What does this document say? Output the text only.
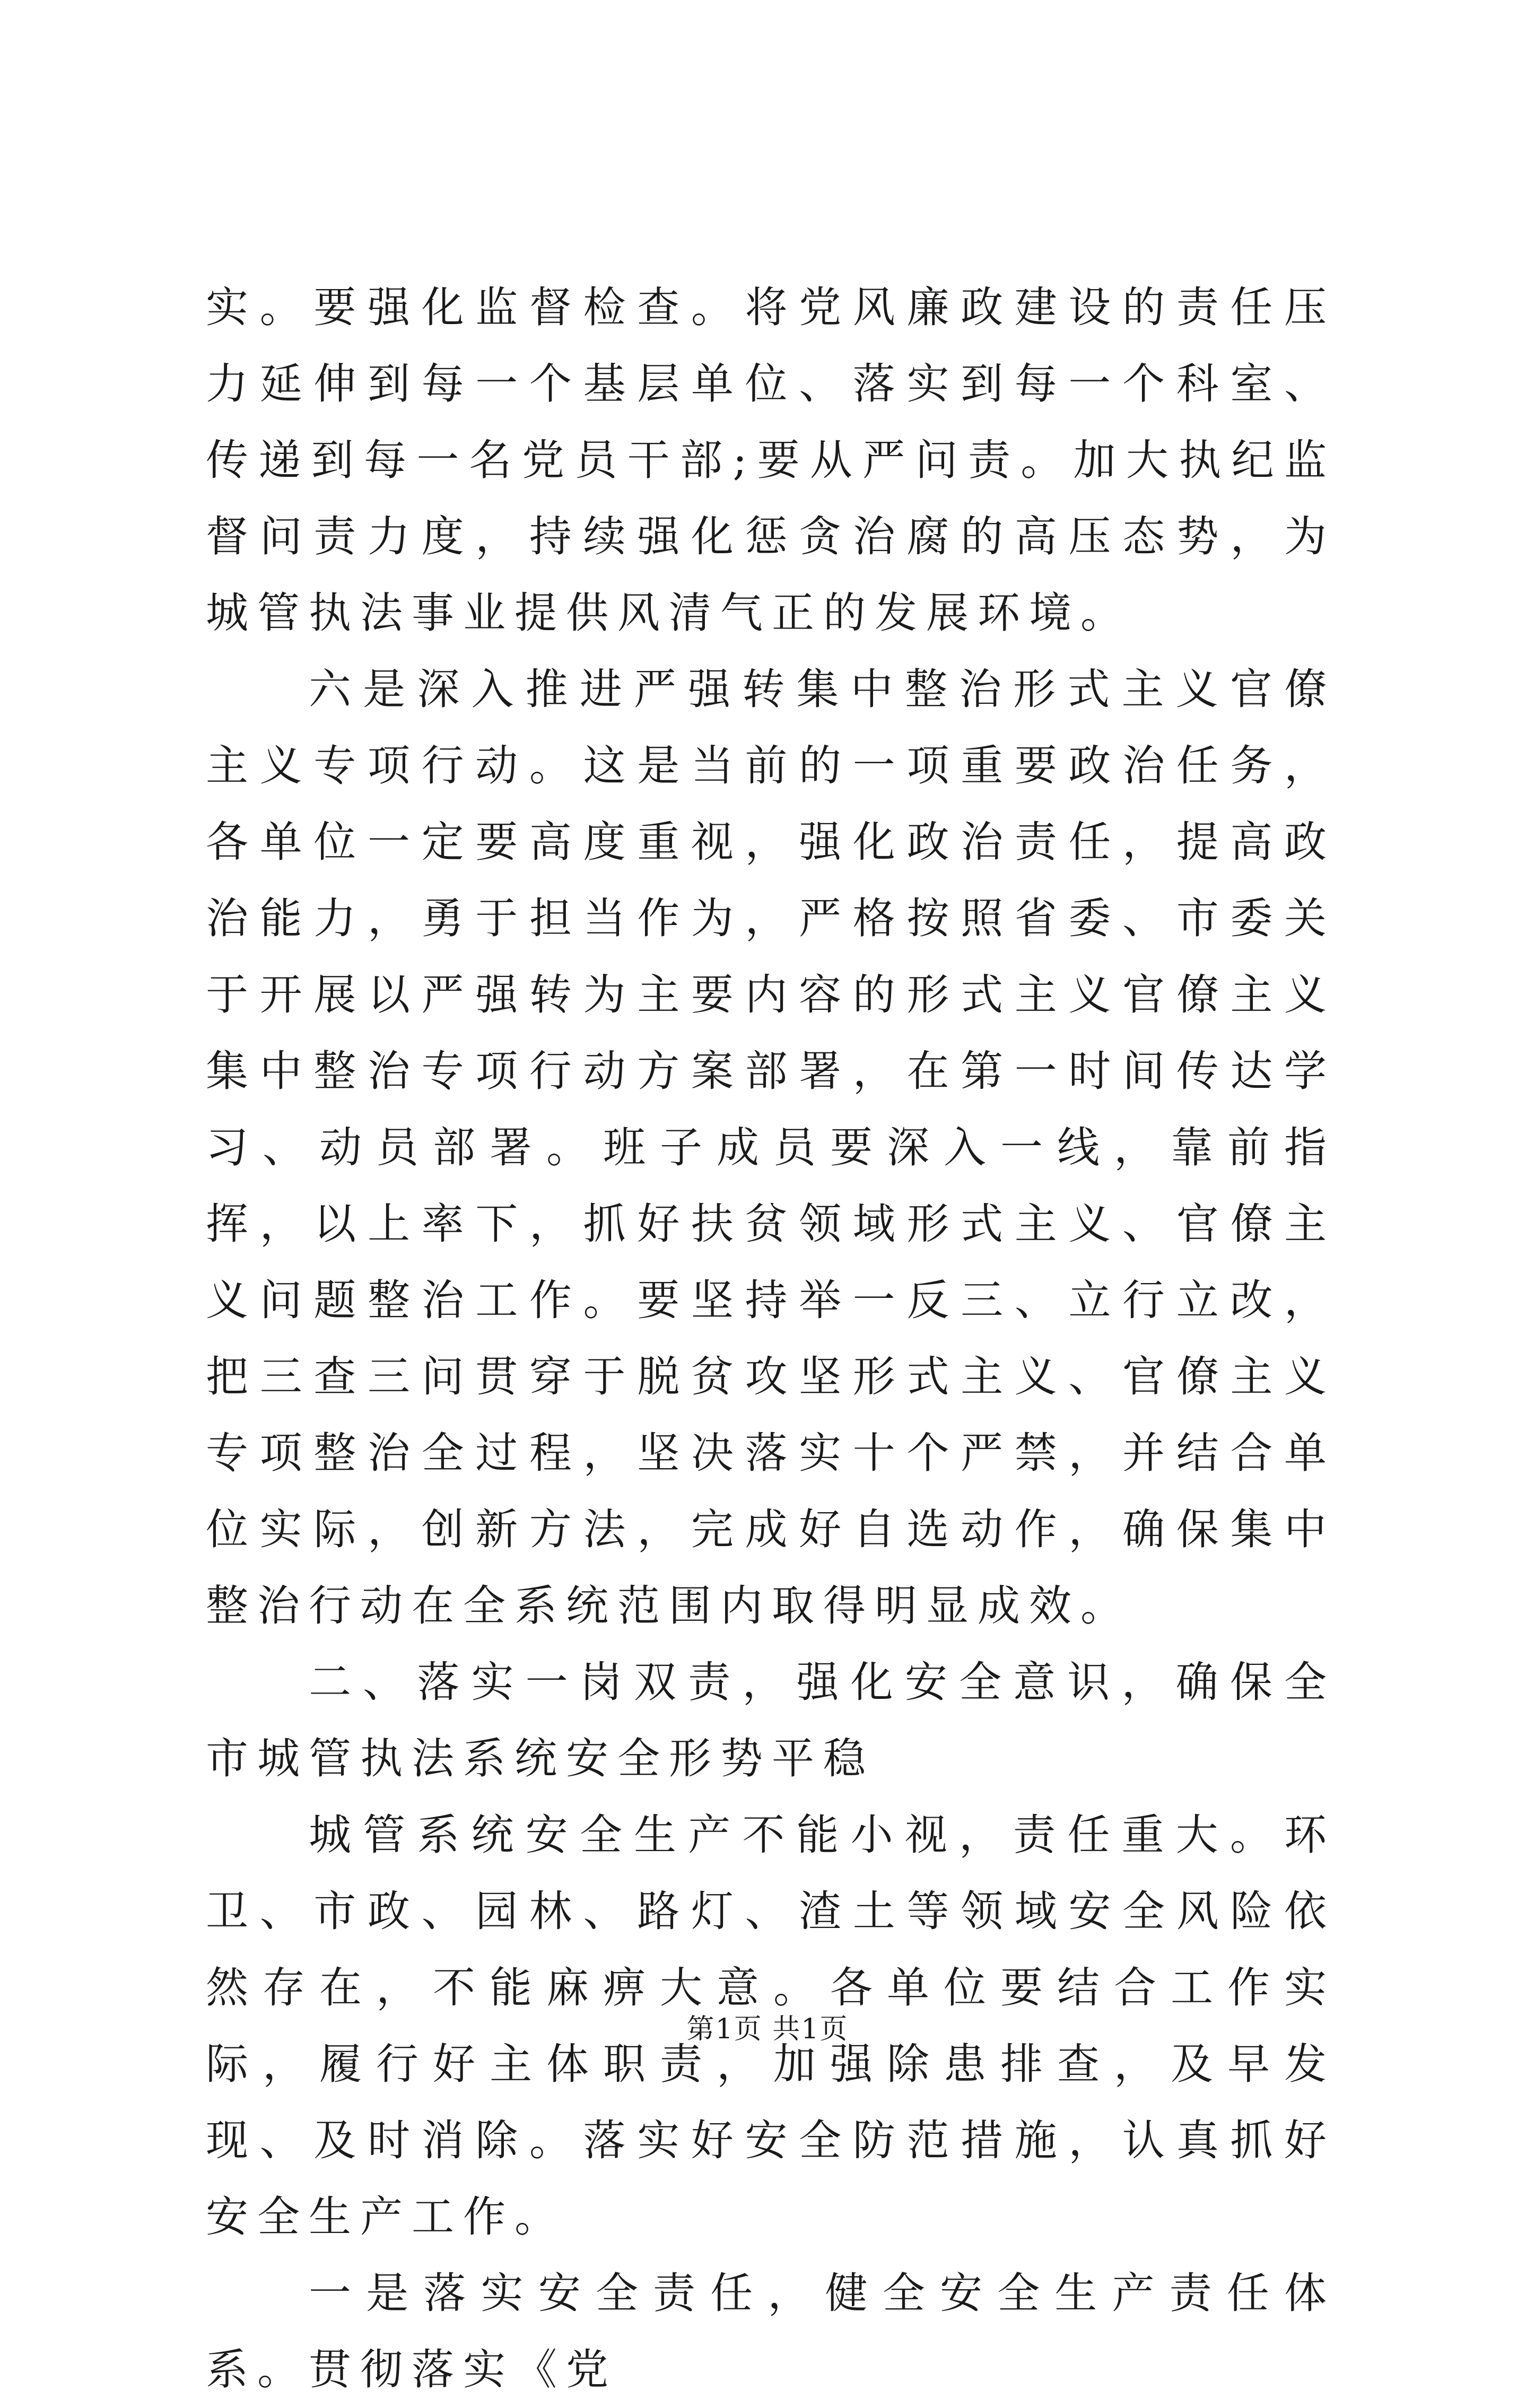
实。要强化监督检查。将党风廉政建设的责任压力延伸到每一个基层单位、落实到每一个科室、传递到每一名党员干部;要从严问责。加大执纪监督问责力度，持续强化惩贪治腐的高压态势，为城管执法事业提供风清气正的发展环境。

六是深入推进严强转集中整治形式主义官僚主义专项行动。这是当前的一项重要政治任务，各单位一定要高度重视，强化政治责任，提高政治能力，勇于担当作为，严格按照省委、市委关于开展以严强转为主要内容的形式主义官僚主义集中整治专项行动方案部署，在第一时间传达学习、动员部署。班子成员要深入一线，靠前指挥，以上率下，抓好扶贫领域形式主义、官僚主义问题整治工作。要坚持举一反三、立行立改，把三查三问贯穿于脱贫攻坚形式主义、官僚主义专项整治全过程，坚决落实十个严禁，并结合单位实际，创新方法，完成好自选动作，确保集中整治行动在全系统范围内取得明显成效。

二、落实一岗双责，强化安全意识，确保全市城管执法系统安全形势平稳

城管系统安全生产不能小视，责任重大。环卫、市政、园林、路灯、渣土等领域安全风险依然存在，不能麻痹大意。各单位要结合工作实际，履行好主体职责，加强除患排查，及早发现、及时消除。落实好安全防范措施，认真抓好安全生产工作。

一是落实安全责任，健全安全生产责任体系。贯彻落实《党

第1页 共1页
